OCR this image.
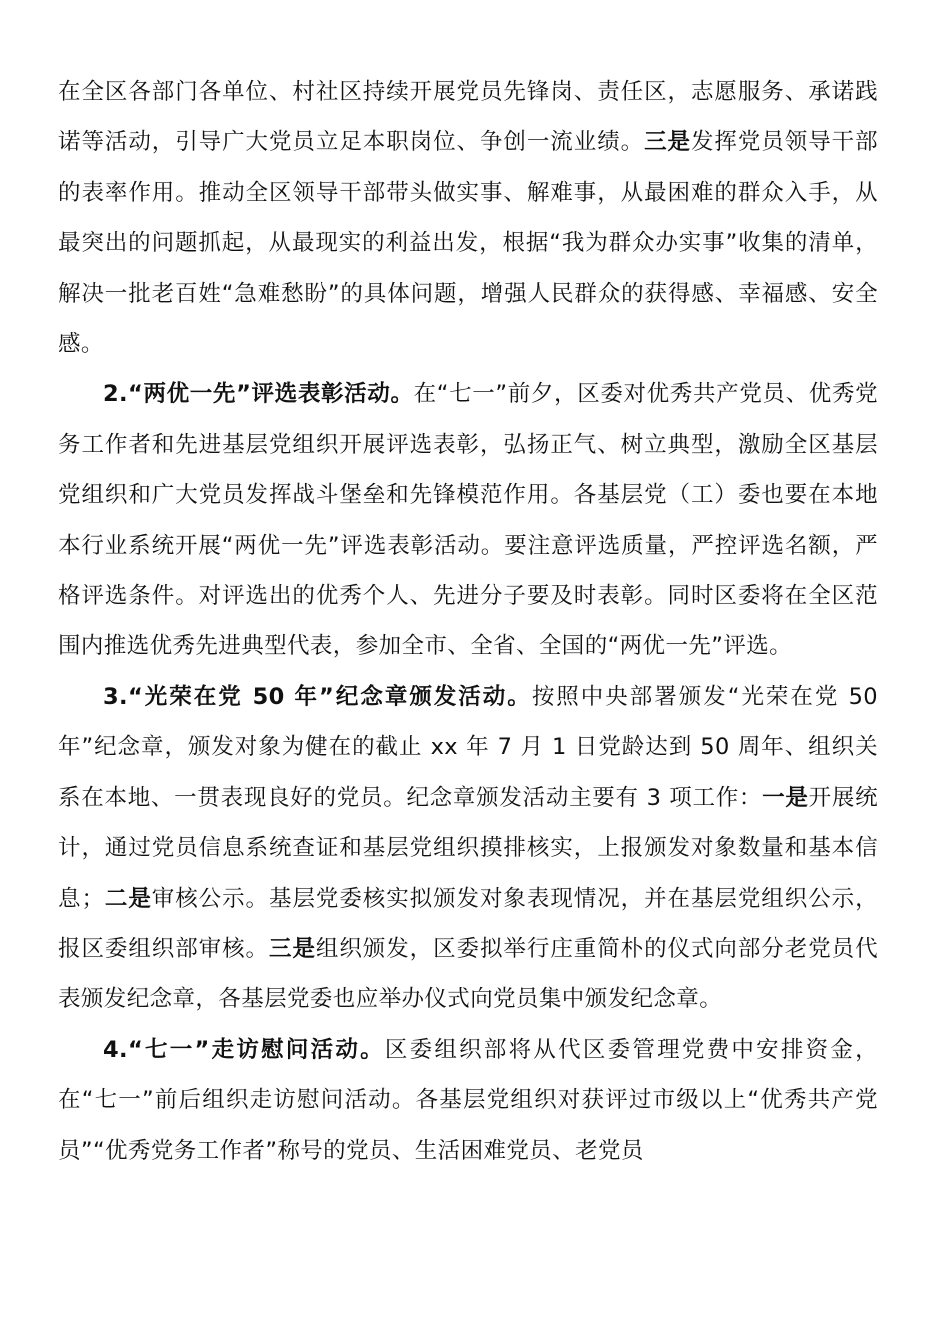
在全区各部门各单位、村社区持续开展党员先锋岗、责任区，志愿服务、承诺践诺等活动，引导广大党员立足本职岗位、争创一流业绩。三是发挥党员领导干部的表率作用。推动全区领导干部带头做实事、解难事，从最困难的群众入手，从最突出的问题抓起，从最现实的利益出发，根据“我为群众办实事”收集的清单，解决一批老百姓“急难愁盼”的具体问题，增强人民群众的获得感、幸福感、安全感。

2.“两优一先”评选表彰活动。在“七一”前夕，区委对优秀共产党员、优秀党务工作者和先进基层党组织开展评选表彰，弘扬正气、树立典型，激励全区基层党组织和广大党员发挥战斗堡垒和先锋模范作用。各基层党（工）委也要在本地本行业系统开展“两优一先”评选表彰活动。要注意评选质量，严控评选名额，严格评选条件。对评选出的优秀个人、先进分子要及时表彰。同时区委将在全区范围内推选优秀先进典型代表，参加全市、全省、全国的“两优一先”评选。

3.“光荣在党 50 年”纪念章颁发活动。按照中央部署颁发“光荣在党 50 年”纪念章，颁发对象为健在的截止 xx 年 7 月 1 日党龄达到 50 周年、组织关系在本地、一贯表现良好的党员。纪念章颁发活动主要有 3 项工作：一是开展统计，通过党员信息系统查证和基层党组织摸排核实，上报颁发对象数量和基本信息；二是审核公示。基层党委核实拟颁发对象表现情况，并在基层党组织公示，报区委组织部审核。三是组织颁发，区委拟举行庄重简朴的仪式向部分老党员代表颁发纪念章，各基层党委也应举办仪式向党员集中颁发纪念章。

4.“七一”走访慰问活动。区委组织部将从代区委管理党费中安排资金，在“七一”前后组织走访慰问活动。各基层党组织对获评过市级以上“优秀共产党员”“优秀党务工作者”称号的党员、生活困难党员、老党员
